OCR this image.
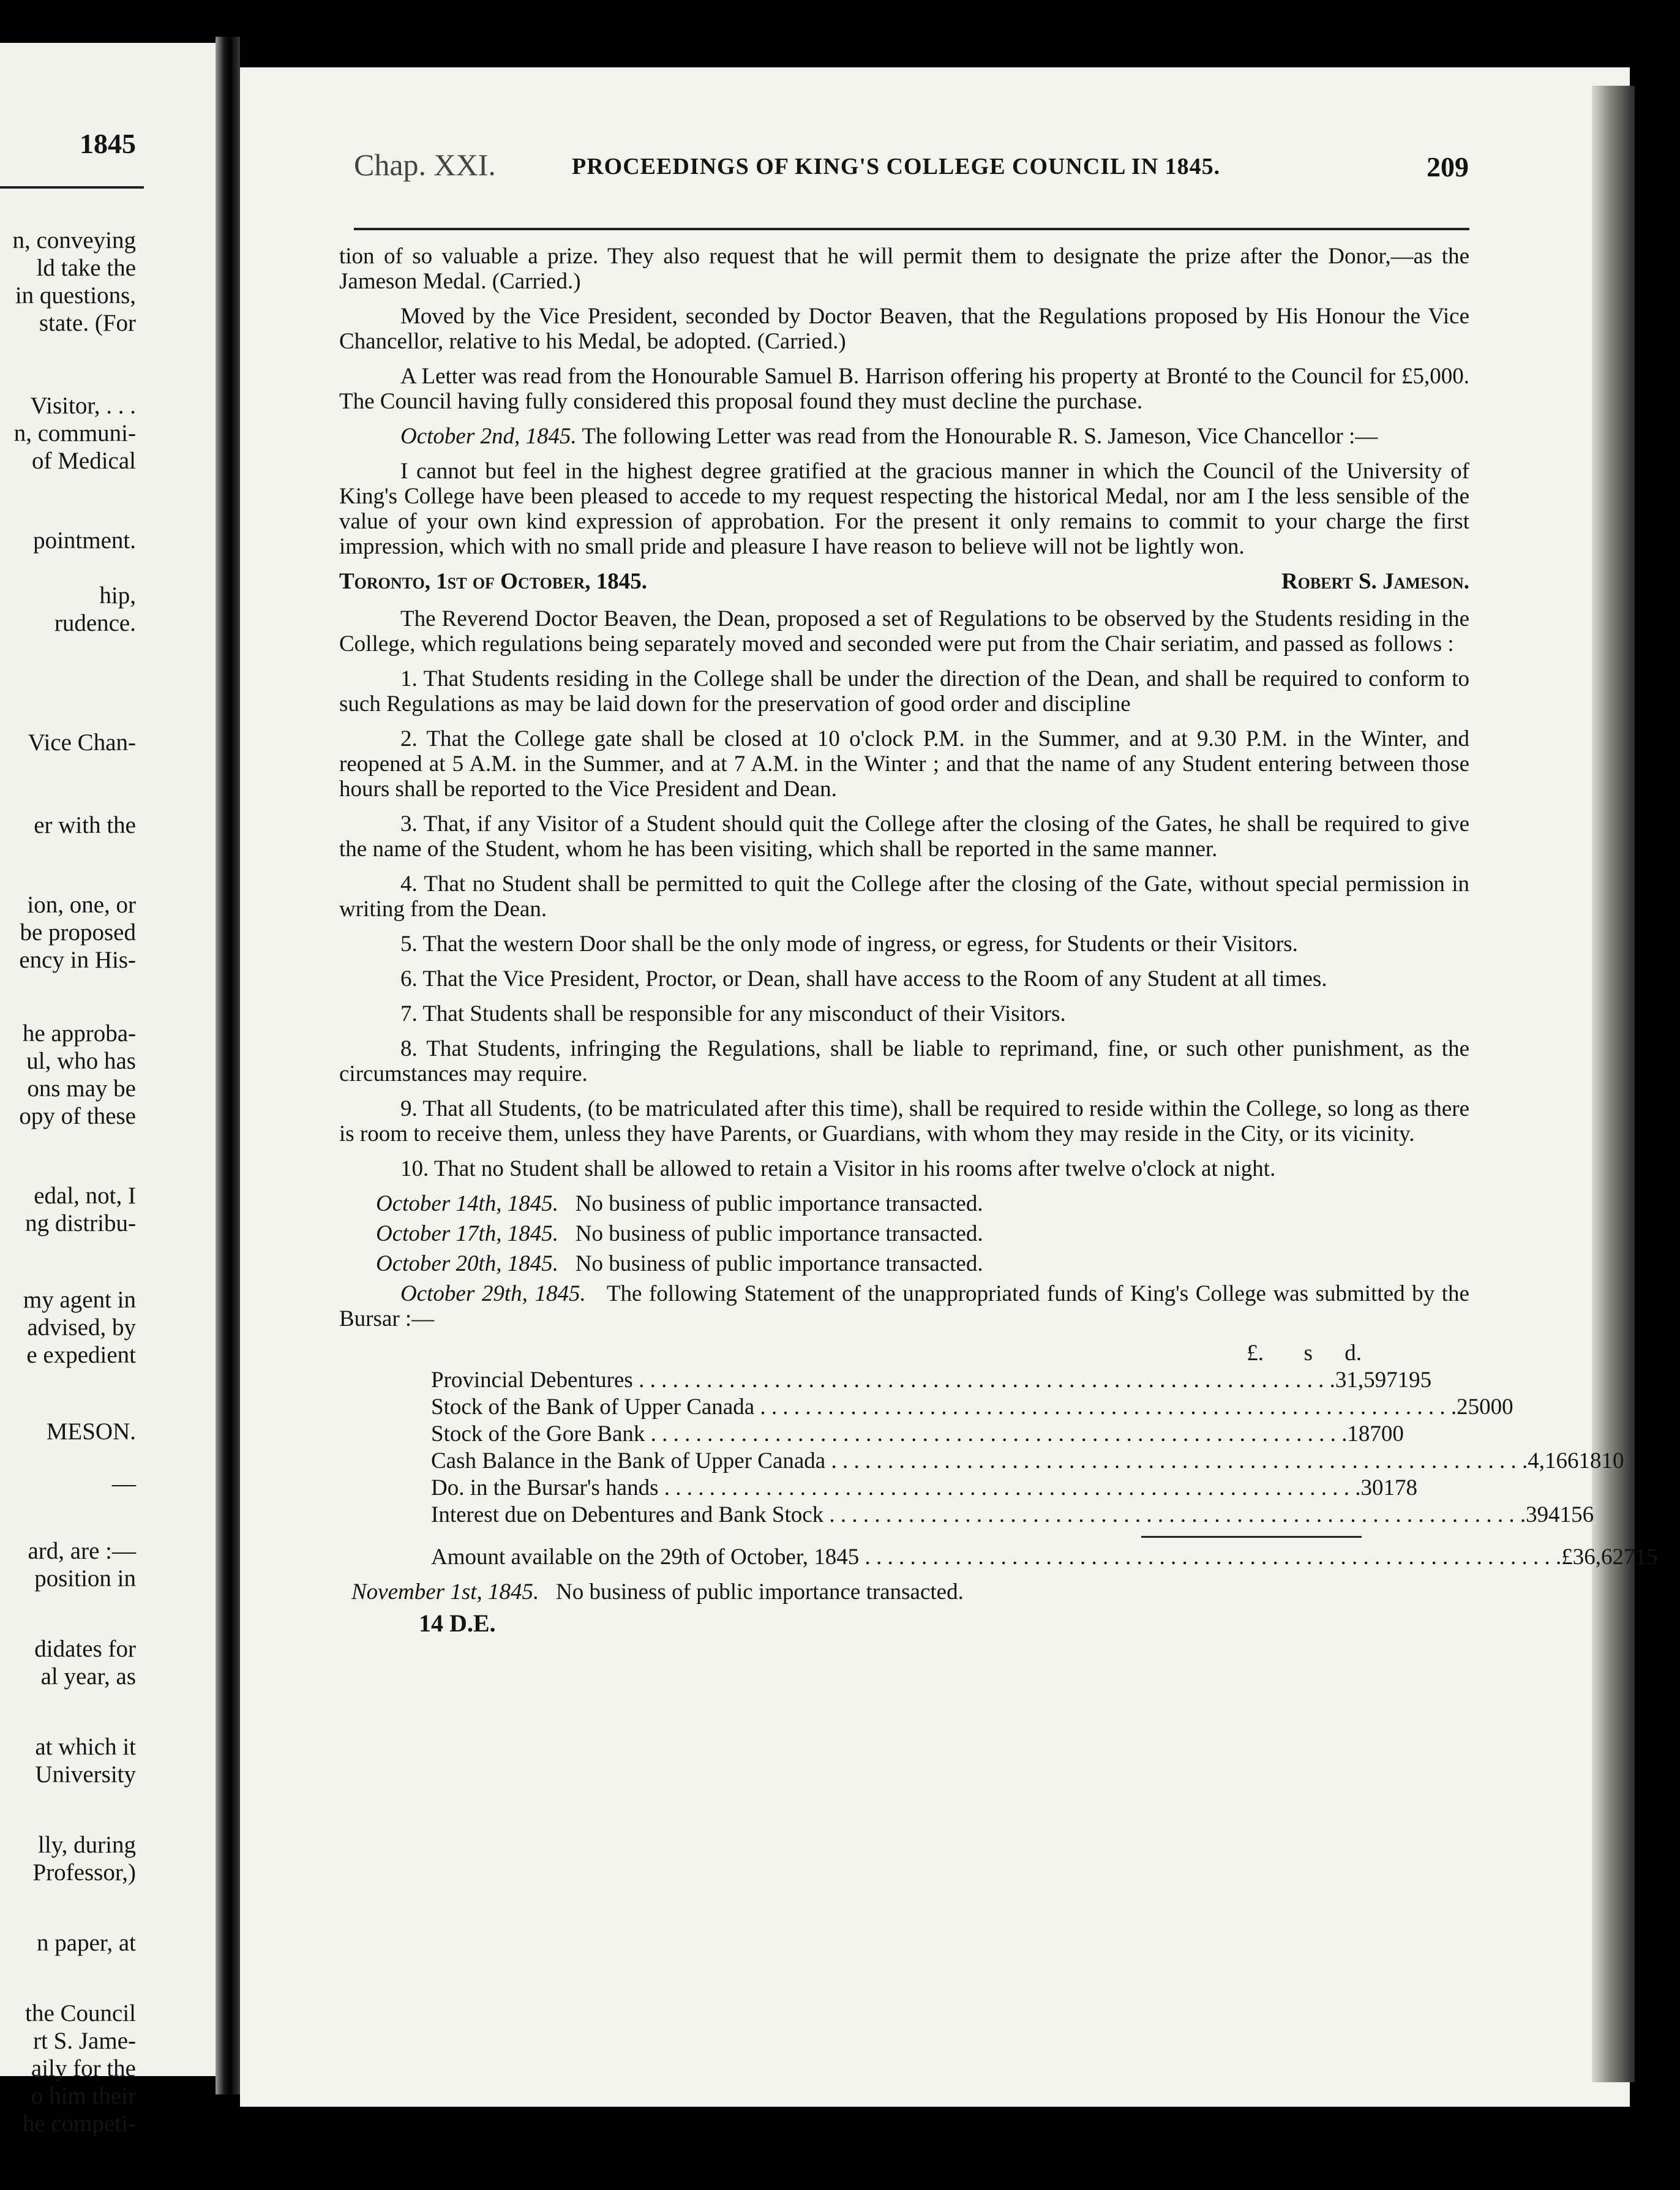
1845
n, conveying
ld take the
in questions,
state. (For
Visitor, . . .
n, communi-
of Medical
pointment.
hip,
rudence.
Vice Chan-
er with the
ion, one, or
be proposed
ency in His-
he approba-
ul, who has
ons may be
opy of these
edal, not, I
ng distribu-
my agent in
advised, by
e expedient
MESON.
—
ard, are :—
position in
didates for
al year, as
at which it
University
lly, during
Professor,)
n paper, at
the Council
rt S. Jame-
aily for the
o him their
he competi-
Chap. XXI.	PROCEEDINGS OF KING'S COLLEGE COUNCIL IN 1845.	209

tion of so valuable a prize. They also request that he will permit them to designate the prize after the Donor,—as the Jameson Medal. (Carried.)

Moved by the Vice President, seconded by Doctor Beaven, that the Regulations proposed by His Honour the Vice Chancellor, relative to his Medal, be adopted. (Carried.)

A Letter was read from the Honourable Samuel B. Harrison offering his property at Bronté to the Council for £5,000. The Council having fully considered this proposal found they must decline the purchase.

October 2nd, 1845. The following Letter was read from the Honourable R. S. Jameson, Vice Chancellor :—

I cannot but feel in the highest degree gratified at the gracious manner in which the Council of the University of King's College have been pleased to accede to my request respecting the historical Medal, nor am I the less sensible of the value of your own kind expression of approbation. For the present it only remains to commit to your charge the first impression, which with no small pride and pleasure I have reason to believe will not be lightly won.

Toronto, 1st of October, 1845.	Robert S. Jameson.

The Reverend Doctor Beaven, the Dean, proposed a set of Regulations to be observed by the Students residing in the College, which regulations being separately moved and seconded were put from the Chair seriatim, and passed as follows :

1. That Students residing in the College shall be under the direction of the Dean, and shall be required to conform to such Regulations as may be laid down for the preservation of good order and discipline

2. That the College gate shall be closed at 10 o'clock P.M. in the Summer, and at 9.30 P.M. in the Winter, and reopened at 5 A.M. in the Summer, and at 7 A.M. in the Winter ; and that the name of any Student entering between those hours shall be reported to the Vice President and Dean.

3. That, if any Visitor of a Student should quit the College after the closing of the Gates, he shall be required to give the name of the Student, whom he has been visiting, which shall be reported in the same manner.

4. That no Student shall be permitted to quit the College after the closing of the Gate, without special permission in writing from the Dean.

5. That the western Door shall be the only mode of ingress, or egress, for Students or their Visitors.

6. That the Vice President, Proctor, or Dean, shall have access to the Room of any Student at all times.

7. That Students shall be responsible for any misconduct of their Visitors.

8. That Students, infringing the Regulations, shall be liable to reprimand, fine, or such other punishment, as the circumstances may require.

9. That all Students, (to be matriculated after this time), shall be required to reside within the College, so long as there is room to receive them, unless they have Parents, or Guardians, with whom they may reside in the City, or its vicinity.

10. That no Student shall be allowed to retain a Visitor in his rooms after twelve o'clock at night.

October 14th, 1845. No business of public importance transacted.

October 17th, 1845. No business of public importance transacted.

October 20th, 1845. No business of public importance transacted.

October 29th, 1845. The following Statement of the unappropriated funds of King's College was submitted by the Bursar :—

£.	s	d.
Provincial Debentures . . .	31,597 19 5
Stock of the Bank of Upper Canada . . .	250 0 0
Stock of the Gore Bank . . .	187 0 0
Cash Balance in the Bank of Upper Canada . . .	4,166 18 10
Do. in the Bursar's hands . . .	30 17 8
Interest due on Debentures and Bank Stock . . .	394 15 6
Amount available on the 29th of October, 1845 . . .	£36,627 1 5

November 1st, 1845. No business of public importance transacted.

14 D.E.
